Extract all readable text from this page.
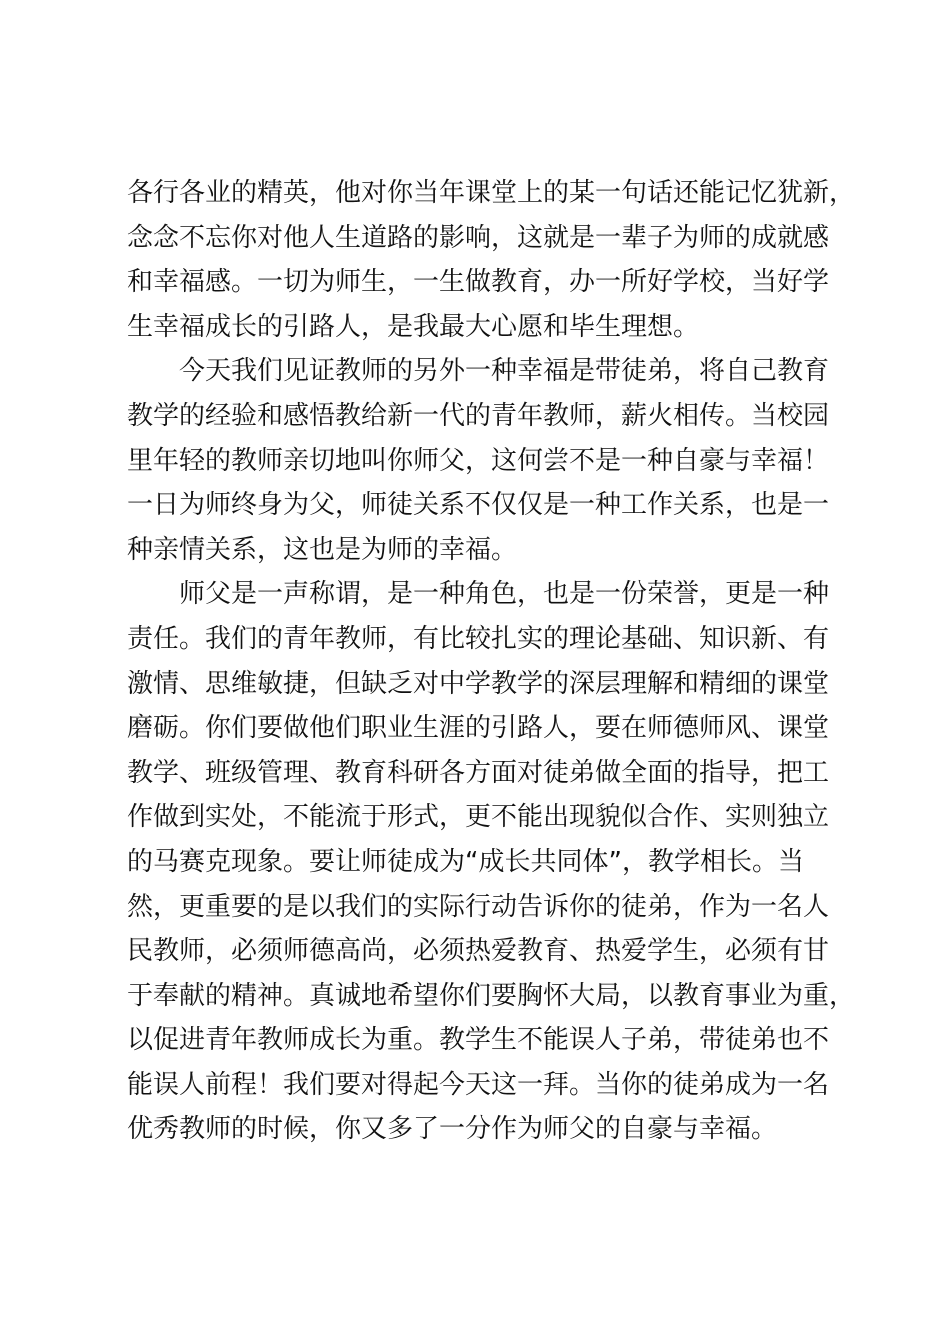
各行各业的精英，他对你当年课堂上的某一句话还能记忆犹新，
念念不忘你对他人生道路的影响，这就是一辈子为师的成就感
和幸福感。一切为师生，一生做教育，办一所好学校，当好学
生幸福成长的引路人，是我最大心愿和毕生理想。
　　今天我们见证教师的另外一种幸福是带徒弟，将自己教育
教学的经验和感悟教给新一代的青年教师，薪火相传。当校园
里年轻的教师亲切地叫你师父，这何尝不是一种自豪与幸福！
一日为师终身为父，师徒关系不仅仅是一种工作关系，也是一
种亲情关系，这也是为师的幸福。
　　师父是一声称谓，是一种角色，也是一份荣誉，更是一种
责任。我们的青年教师，有比较扎实的理论基础、知识新、有
激情、思维敏捷，但缺乏对中学教学的深层理解和精细的课堂
磨砺。你们要做他们职业生涯的引路人，要在师德师风、课堂
教学、班级管理、教育科研各方面对徒弟做全面的指导，把工
作做到实处，不能流于形式，更不能出现貌似合作、实则独立
的马赛克现象。要让师徒成为“成长共同体”，教学相长。当
然，更重要的是以我们的实际行动告诉你的徒弟，作为一名人
民教师，必须师德高尚，必须热爱教育、热爱学生，必须有甘
于奉献的精神。真诚地希望你们要胸怀大局，以教育事业为重，
以促进青年教师成长为重。教学生不能误人子弟，带徒弟也不
能误人前程！我们要对得起今天这一拜。当你的徒弟成为一名
优秀教师的时候，你又多了一分作为师父的自豪与幸福。
